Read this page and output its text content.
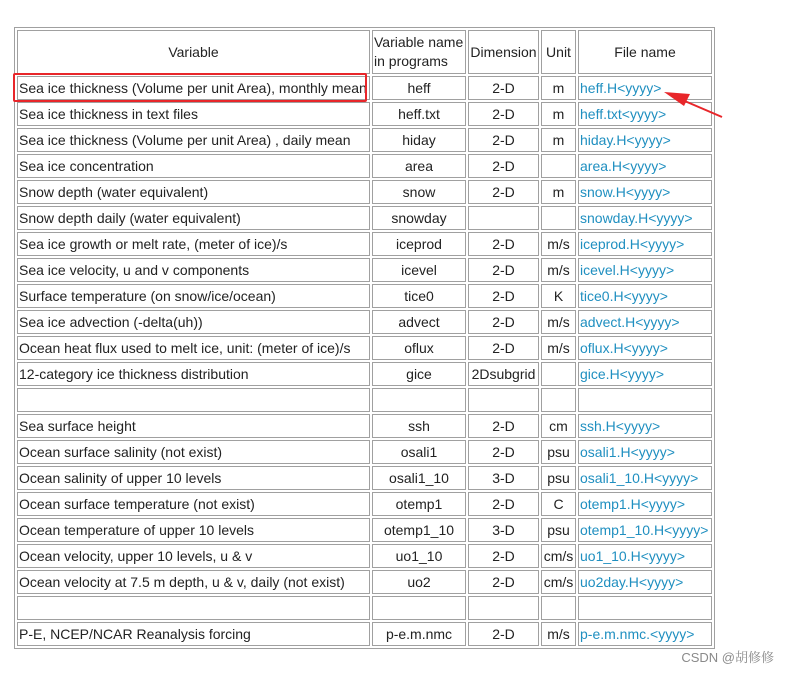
Variable	Variable name in programs	Dimension	Unit	File name
Sea ice thickness (Volume per unit Area), monthly mean	heff	2-D	m	heff.H<yyyy>
Sea ice thickness in text files	heff.txt	2-D	m	heff.txt<yyyy>
Sea ice thickness (Volume per unit Area) , daily mean	hiday	2-D	m	hiday.H<yyyy>
Sea ice concentration	area	2-D		area.H<yyyy>
Snow depth (water equivalent)	snow	2-D	m	snow.H<yyyy>
Snow depth daily (water equivalent)	snowday			snowday.H<yyyy>
Sea ice growth or melt rate, (meter of ice)/s	iceprod	2-D	m/s	iceprod.H<yyyy>
Sea ice velocity, u and v components	icevel	2-D	m/s	icevel.H<yyyy>
Surface temperature (on snow/ice/ocean)	tice0	2-D	K	tice0.H<yyyy>
Sea ice advection (-delta(uh))	advect	2-D	m/s	advect.H<yyyy>
Ocean heat flux used to melt ice, unit: (meter of ice)/s	oflux	2-D	m/s	oflux.H<yyyy>
12-category ice thickness distribution	gice	2Dsubgrid		gice.H<yyyy>

Sea surface height	ssh	2-D	cm	ssh.H<yyyy>
Ocean surface salinity (not exist)	osali1	2-D	psu	osali1.H<yyyy>
Ocean salinity of upper 10 levels	osali1_10	3-D	psu	osali1_10.H<yyyy>
Ocean surface temperature (not exist)	otemp1	2-D	C	otemp1.H<yyyy>
Ocean temperature of upper 10 levels	otemp1_10	3-D	psu	otemp1_10.H<yyyy>
Ocean velocity, upper 10 levels, u & v	uo1_10	2-D	cm/s	uo1_10.H<yyyy>
Ocean velocity at 7.5 m depth, u & v, daily (not exist)	uo2	2-D	cm/s	uo2day.H<yyyy>

P-E, NCEP/NCAR Reanalysis forcing	p-e.m.nmc	2-D	m/s	p-e.m.nmc.<yyyy>
CSDN @胡修修
